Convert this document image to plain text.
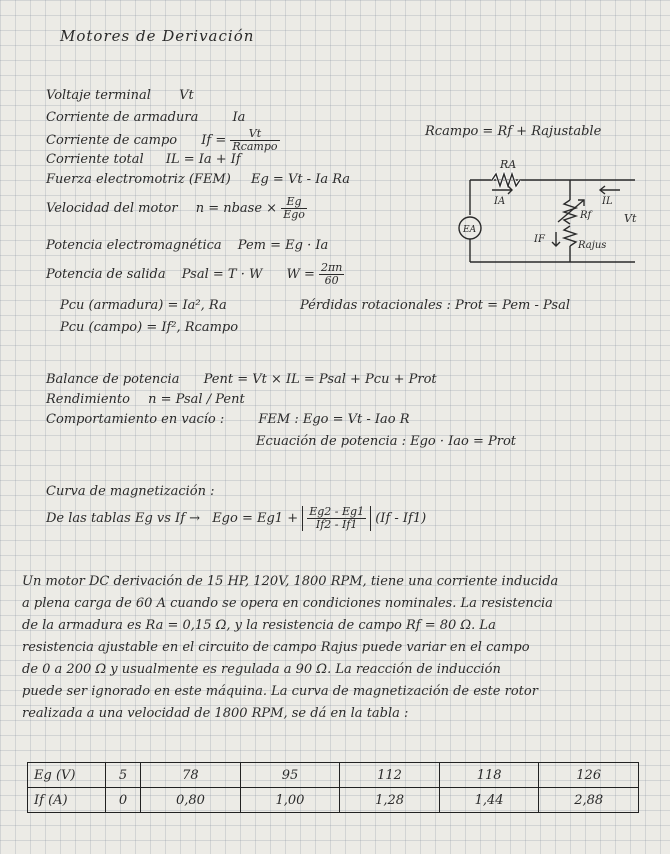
Motores de Derivación
Voltaje terminal Vt
Corriente de armadura	Ia
Corriente de campo $If = \frac{Vt}{\text{Rcampo}}$	Rcampo = Rf + Rajustable
Corriente total IL = Ia + If
Fuerza electromotriz (FEM) Eg = Vt - Ia Ra
Velocidad del motor n = nbase × $\frac{Eg}{\text{Ego}}$
Potencia electromagnética Pem = Eg · Ia
Potencia de salida Psal = T · W $W = \frac{2\pi n}{60}$
RA
IA	IL
Rf	Vt
IF
Rajus
EA
Pcu (armadura) = Ia², Ra	Pérdidas rotacionales : Prot = Pem - Psal
Pcu (campo) = If², Rcampo
Balance de potencia Pent = Vt × IL = Psal + Pcu + Prot
Rendimiento n = Psal / Pent
Comportamiento en vacío :	FEM : Ego = Vt - Iao R
Ecuación de potencia : Ego · Iao = Prot
Curva de magnetización :
De las tablas Eg vs If → Ego = $Eg1 + \frac{Eg2 - Eg1}{If2 - If1} (If - If1)$
Un motor DC derivación de 15 HP, 120V, 1800 RPM, tiene una corriente inducida
a plena carga de 60 A cuando se opera en condiciones nominales. La resistencia
de la armadura es Ra = 0,15 Ω, y la resistencia de campo Rf = 80 Ω. La
resistencia ajustable en el circuito de campo Rajus puede variar en el campo
de 0 a 200 Ω y usualmente es regulada a 90 Ω. La reacción de inducción
puede ser ignorado en este máquina. La curva de magnetización de este rotor
realizada a una velocidad de 1800 RPM, se dá en la tabla :
Eg (V)	5	78	95	112	118	126
If (A)	0	0,80	1,00	1,28	1,44	2,88
